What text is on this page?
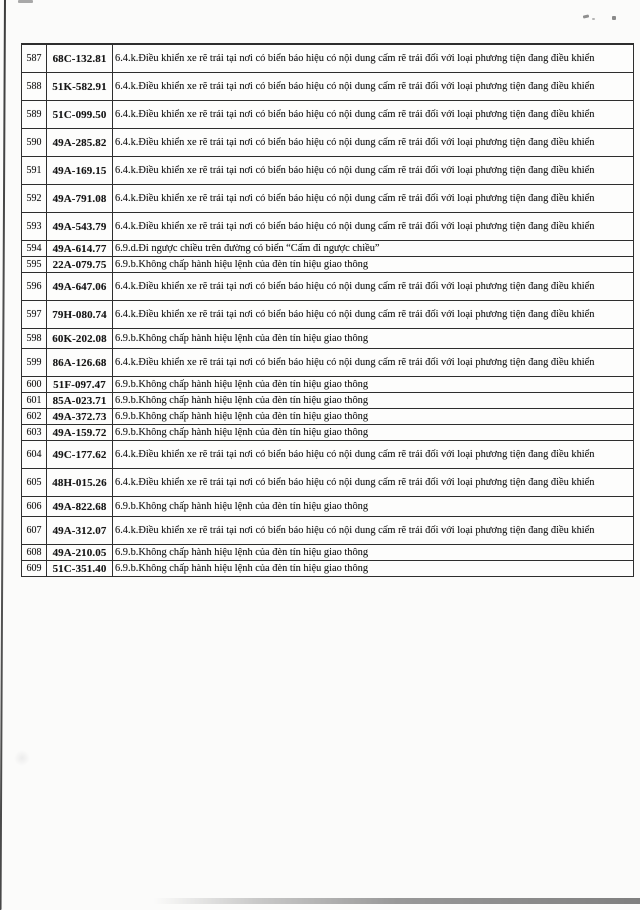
587	68C-132.81 6.4.k.Điều khiển xe rẽ trái tại nơi có biển báo hiệu có nội dung cấm rẽ trái đối với loại phương tiện đang điều khiển
588 51K-582.91 6.4.k.Điều khiển xe rẽ trái tại nơi có biển báo hiệu có nội dung cấm rẽ trái đối với loại phương tiện đang điều khiển
589	51C-099.50 6.4.k.Điều khiển xe rẽ trái tại nơi có biển báo hiệu có nội dung cấm rẽ trái đối với loại phương tiện đang điều khiển
590	49A-285.82 6.4.k.Điều khiển xe rẽ trái tại nơi có biển báo hiệu có nội dung cấm rẽ trái đối với loại phương tiện đang điều khiển
591	49A-169.15 6.4.k.Điều khiển xe rẽ trái tại nơi có biển báo hiệu có nội dung cấm rẽ trái đối với loại phương tiện đang điều khiển
592	49A-791.08 6.4.k.Điều khiển xe rẽ trái tại nơi có biển báo hiệu có nội dung cấm rẽ trái đối với loại phương tiện đang điều khiển
593	49A-543.79 6.4.k.Điều khiển xe rẽ trái tại nơi có biển báo hiệu có nội dung cấm rẽ trái đối với loại phương tiện đang điều khiển
594	49A-614.77 6.9.d.Đi ngược chiều trên đường có biển “Cấm đi ngược chiều”
595	22A-079.75 6.9.b.Không chấp hành hiệu lệnh của đèn tín hiệu giao thông
596	49A-647.06 6.4.k.Điều khiển xe rẽ trái tại nơi có biển báo hiệu có nội dung cấm rẽ trái đối với loại phương tiện đang điều khiển
597 79H-080.74 6.4.k.Điều khiển xe rẽ trái tại nơi có biển báo hiệu có nội dung cấm rẽ trái đối với loại phương tiện đang điều khiển
598 60K-202.08 6.9.b.Không chấp hành hiệu lệnh của đèn tín hiệu giao thông
599	86A-126.68 6.4.k.Điều khiển xe rẽ trái tại nơi có biển báo hiệu có nội dung cấm rẽ trái đối với loại phương tiện đang điều khiển
600	51F-097.47 6.9.b.Không chấp hành hiệu lệnh của đèn tín hiệu giao thông
601	85A-023.71 6.9.b.Không chấp hành hiệu lệnh của đèn tín hiệu giao thông
602	49A-372.73 6.9.b.Không chấp hành hiệu lệnh của đèn tín hiệu giao thông
603	49A-159.72 6.9.b.Không chấp hành hiệu lệnh của đèn tín hiệu giao thông
604	49C-177.62 6.4.k.Điều khiển xe rẽ trái tại nơi có biển báo hiệu có nội dung cấm rẽ trái đối với loại phương tiện đang điều khiển
605 48H-015.26 6.4.k.Điều khiển xe rẽ trái tại nơi có biển báo hiệu có nội dung cấm rẽ trái đối với loại phương tiện đang điều khiển
606	49A-822.68 6.9.b.Không chấp hành hiệu lệnh của đèn tín hiệu giao thông
607	49A-312.07 6.4.k.Điều khiển xe rẽ trái tại nơi có biển báo hiệu có nội dung cấm rẽ trái đối với loại phương tiện đang điều khiển
608	49A-210.05 6.9.b.Không chấp hành hiệu lệnh của đèn tín hiệu giao thông
609	51C-351.40 6.9.b.Không chấp hành hiệu lệnh của đèn tín hiệu giao thông
